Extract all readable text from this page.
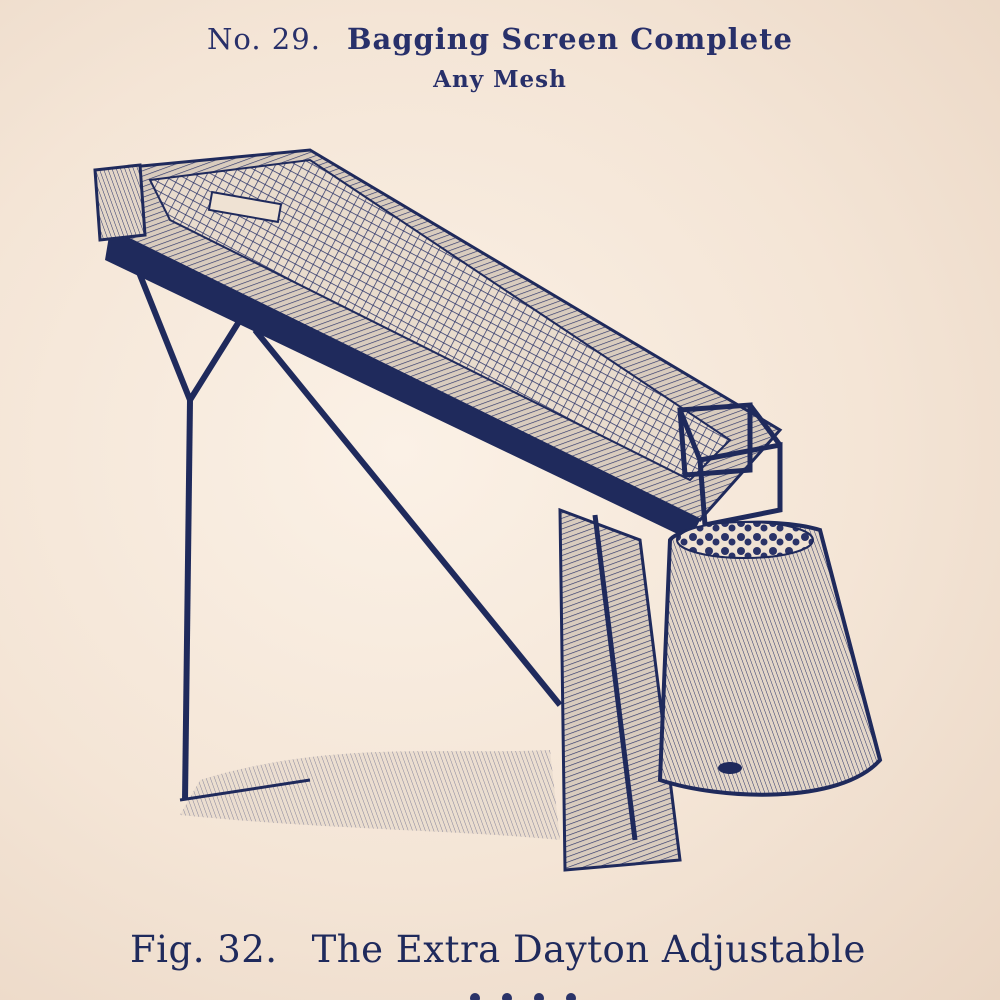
No. 29. Bagging Screen Complete
Any Mesh
Fig. 32. The Extra Dayton Adjustable
